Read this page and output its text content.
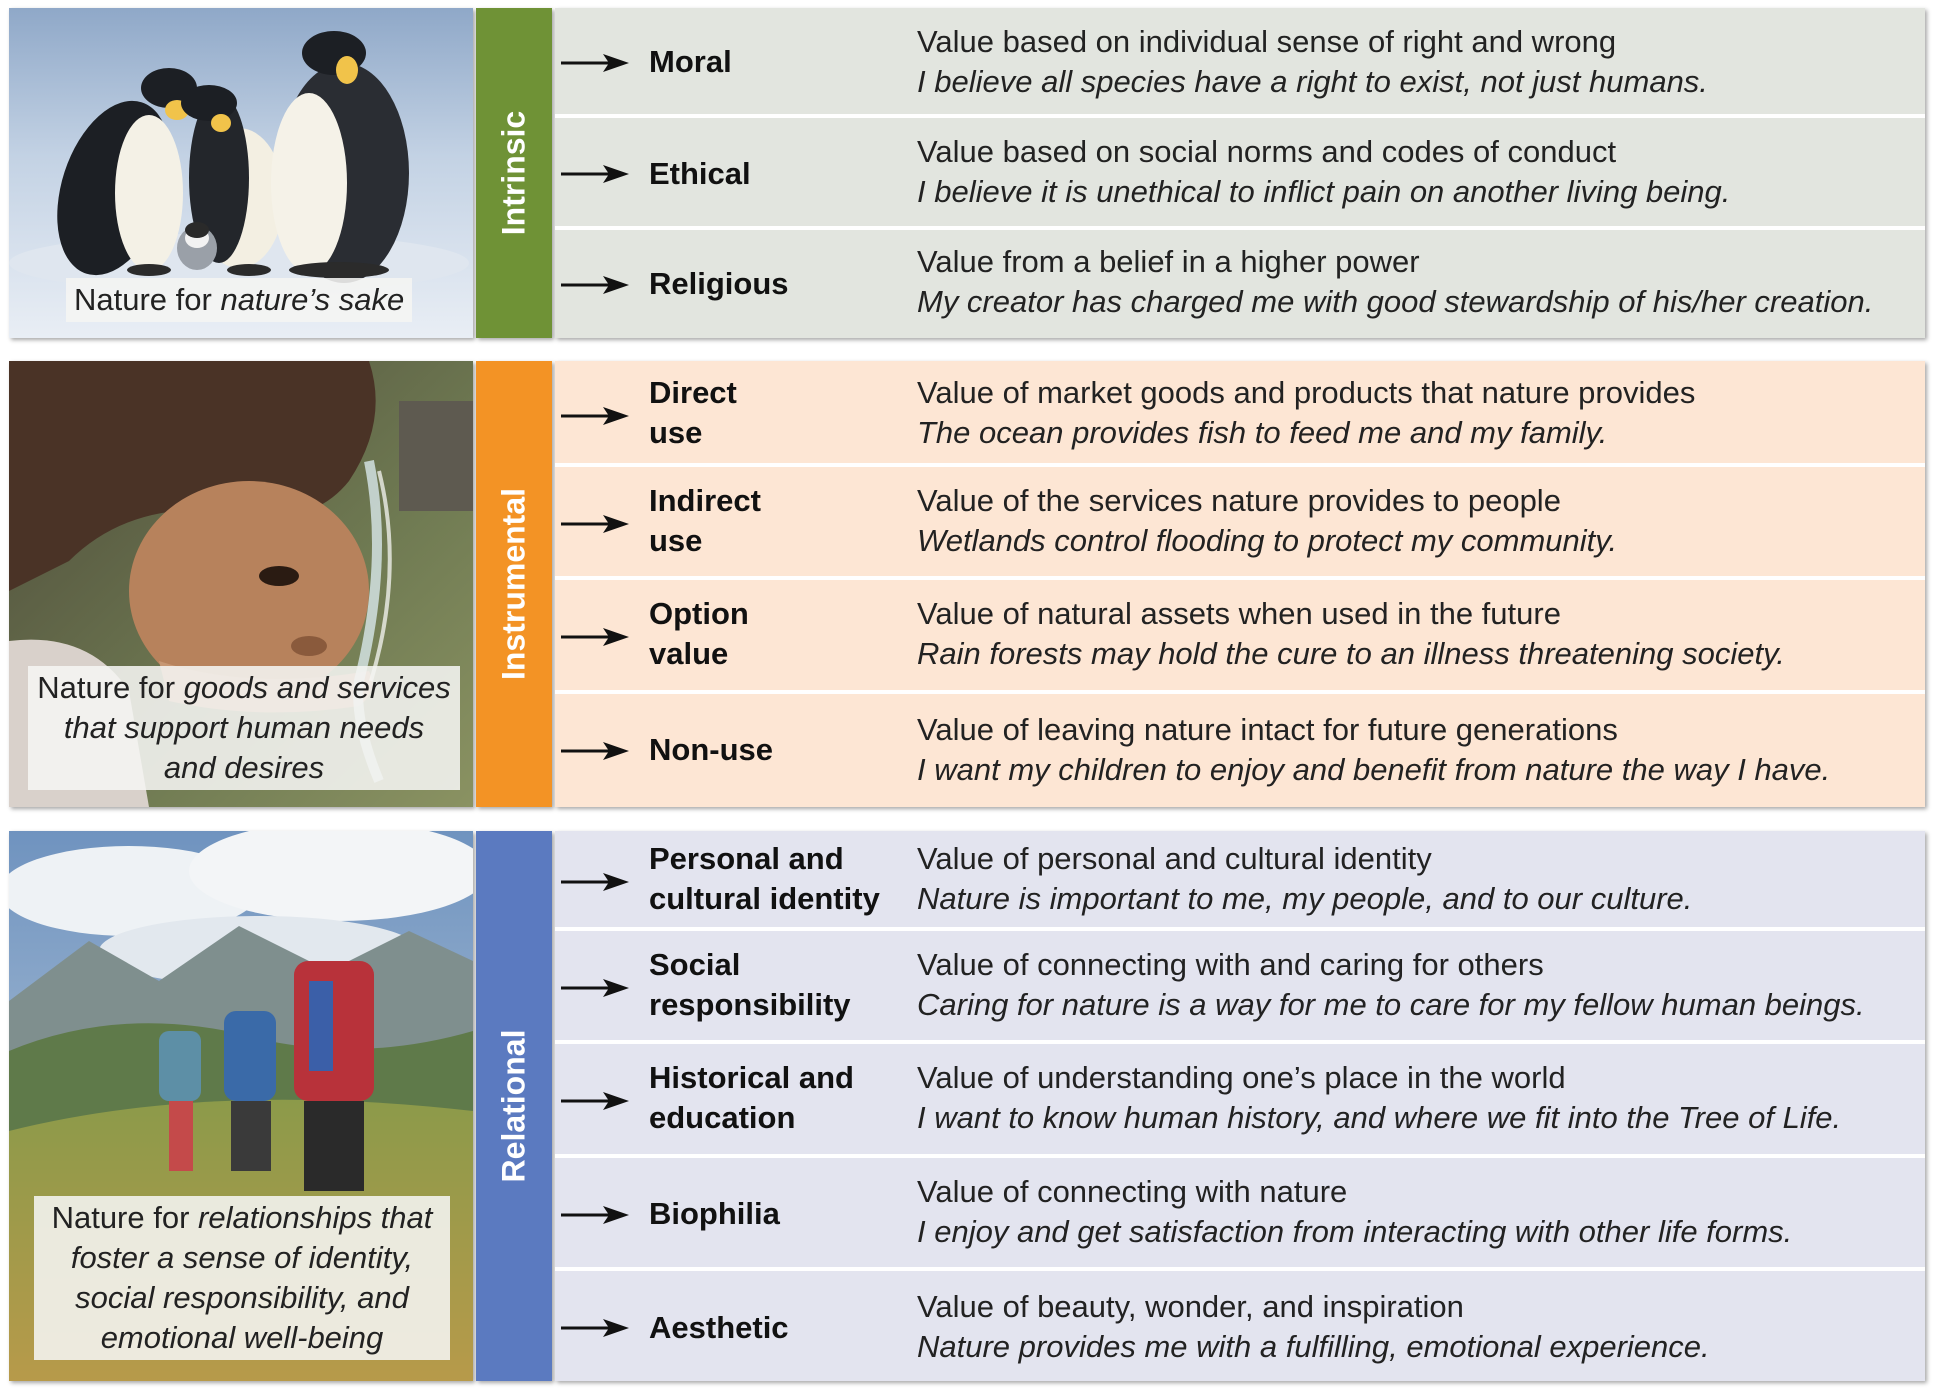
Nature for nature’s sake
Intrinsic
Moral
Value based on individual sense of right and wrong
I believe all species have a right to exist, not just humans.
Ethical
Value based on social norms and codes of conduct
I believe it is unethical to inflict pain on another living being.
Religious
Value from a belief in a higher power
My creator has charged me with good stewardship of his/her creation.
Nature for goods and services that support human needs and desires
Instrumental
Direct use
Value of market goods and products that nature provides
The ocean provides fish to feed me and my family.
Indirect use
Value of the services nature provides to people
Wetlands control flooding to protect my community.
Option value
Value of natural assets when used in the future
Rain forests may hold the cure to an illness threatening society.
Non-use
Value of leaving nature intact for future generations
I want my children to enjoy and benefit from nature the way I have.
Nature for relationships that foster a sense of identity, social responsibility, and emotional well-being
Relational
Personal and cultural identity
Value of personal and cultural identity
Nature is important to me, my people, and to our culture.
Social responsibility
Value of connecting with and caring for others
Caring for nature is a way for me to care for my fellow human beings.
Historical and education
Value of understanding one’s place in the world
I want to know human history, and where we fit into the Tree of Life.
Biophilia
Value of connecting with nature
I enjoy and get satisfaction from interacting with other life forms.
Aesthetic
Value of beauty, wonder, and inspiration
Nature provides me with a fulfilling, emotional experience.
